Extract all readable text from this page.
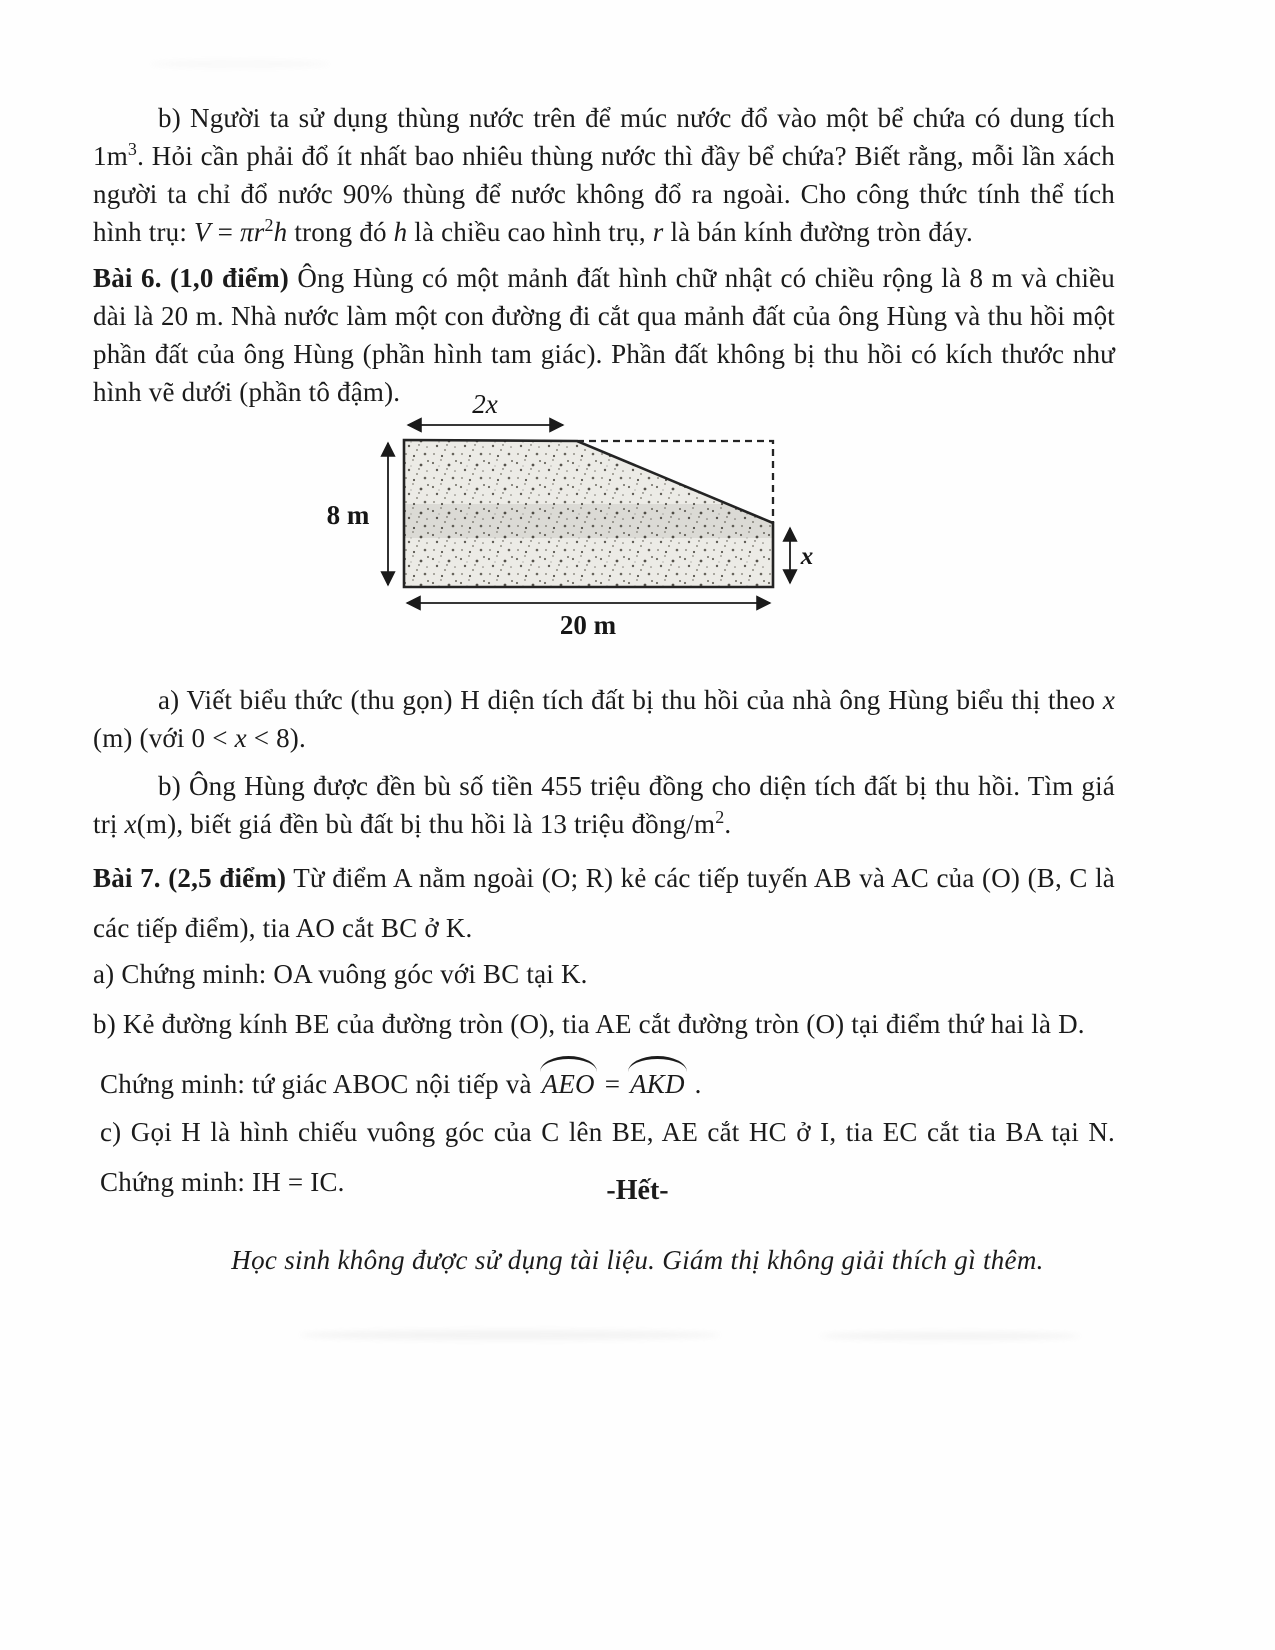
b) Người ta sử dụng thùng nước trên để múc nước đổ vào một bể chứa có dung tích $1m^3$. Hỏi cần phải đổ ít nhất bao nhiêu thùng nước thì đầy bể chứa? Biết rằng, mỗi lần xách người ta chỉ đổ nước 90% thùng để nước không đổ ra ngoài. Cho công thức tính thể tích hình trụ: $V = \pi r^2h$ trong đó h là chiều cao hình trụ, r là bán kính đường tròn đáy.

Bài 6. (1,0 điểm) Ông Hùng có một mảnh đất hình chữ nhật có chiều rộng là 8 m và chiều dài là 20 m. Nhà nước làm một con đường đi cắt qua mảnh đất của ông Hùng và thu hồi một phần đất của ông Hùng (phần hình tam giác). Phần đất không bị thu hồi có kích thước như hình vẽ dưới (phần tô đậm).	2x
8 m
x
20 m

a) Viết biểu thức (thu gọn) H diện tích đất bị thu hồi của nhà ông Hùng biểu thị theo x (m) (với 0 < x < 8).

b) Ông Hùng được đền bù số tiền 455 triệu đồng cho diện tích đất bị thu hồi. Tìm giá trị x(m), biết giá đền bù đất bị thu hồi là 13 triệu đồng/$m^2$.

Bài 7. (2,5 điểm) Từ điểm A nằm ngoài (O; R) kẻ các tiếp tuyến AB và AC của (O) (B, C là các tiếp điểm), tia AO cắt BC ở K.

a) Chứng minh: OA vuông góc với BC tại K.

b) Kẻ đường kính BE của đường tròn (O), tia AE cắt đường tròn (O) tại điểm thứ hai là D.

Chứng minh: tứ giác ABOC nội tiếp và AEO = AKD .

c) Gọi H là hình chiếu vuông góc của C lên BE, AE cắt HC ở I, tia EC cắt tia BA tại N. Chứng minh: IH = IC.	-Hết-
Học sinh không được sử dụng tài liệu. Giám thị không giải thích gì thêm.
